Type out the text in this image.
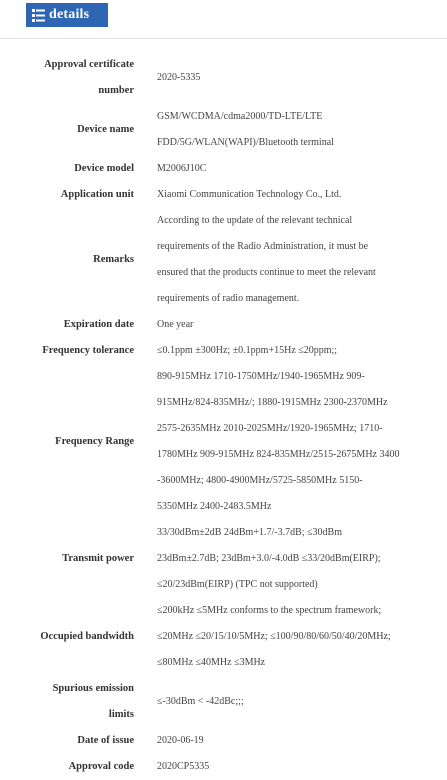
details
Approval certificate
number
2020-5335
Device name
GSM/WCDMA/cdma2000/TD-LTE/LTE
FDD/5G/WLAN(WAPI)/Bluetooth terminal
Device model M2006J10C
Application unit Xiaomi Communication Technology Co., Ltd.
Remarks
According to the update of the relevant technical
requirements of the Radio Administration, it must be
ensured that the products continue to meet the relevant
requirements of radio management.
Expiration date One year
Frequency tolerance ≤0.1ppm ±300Hz; ±0.1ppm+15Hz ≤20ppm;;
Frequency Range
890-915MHz 1710-1750MHz/1940-1965MHz 909-
915MHz/824-835MHz/; 1880-1915MHz 2300-2370MHz
2575-2635MHz 2010-2025MHz/1920-1965MHz; 1710-
1780MHz 909-915MHz 824-835MHz/2515-2675MHz 3400
-3600MHz; 4800-4900MHz/5725-5850MHz 5150-
5350MHz 2400-2483.5MHz
Transmit power
33/30dBm±2dB 24dBm+1.7/-3.7dB; ≤30dBm
23dBm±2.7dB; 23dBm+3.0/-4.0dB ≤33/20dBm(EIRP);
≤20/23dBm(EIRP) (TPC not supported)
Occupied bandwidth
≤200kHz ≤5MHz conforms to the spectrum framework;
≤20MHz ≤20/15/10/5MHz; ≤100/90/80/60/50/40/20MHz;
≤80MHz ≤40MHz ≤3MHz
Spurious emission
limits
≤-30dBm < -42dBc;;;
Date of issue 2020-06-19
Approval code 2020CP5335
